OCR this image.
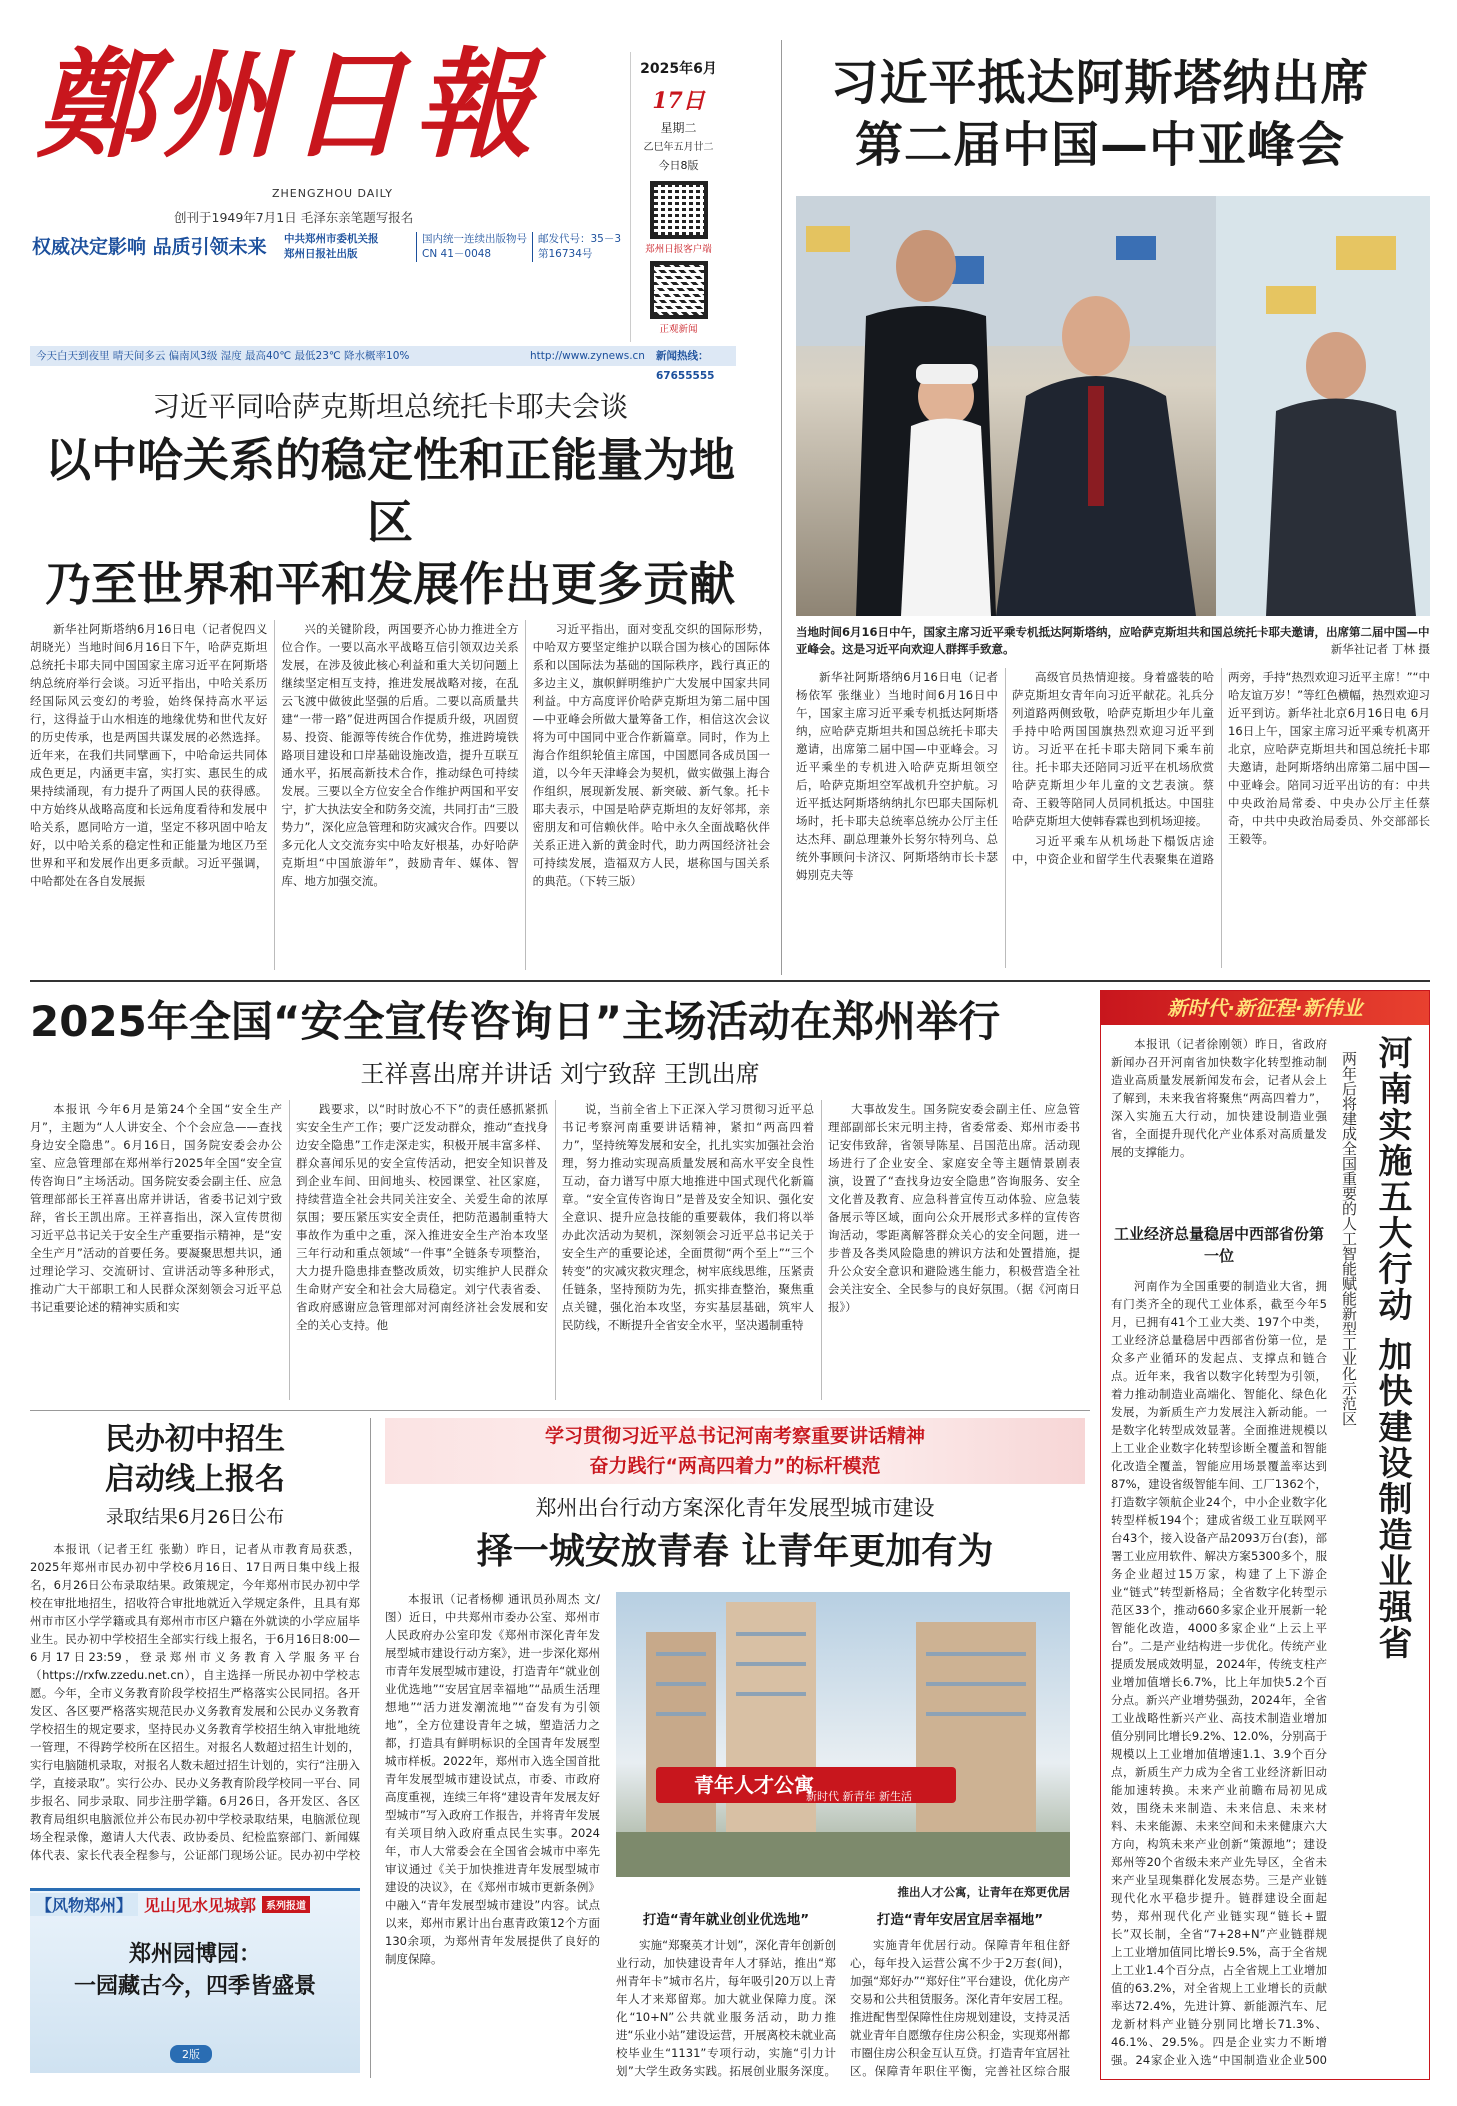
鄭州日報
ZHENGZHOU DAILY
创刊于1949年7月1日 毛泽东亲笔题写报名
权威决定影响 品质引领未来 中共郑州市委机关报
郑州日报社出版
国内统一连续出版物号
CN 41－0048
邮发代号：35－3
第16734号
2025年6月
17日
星期二
乙巳年五月廿二
今日8版
郑州日报客户端
正观新闻
今天白天到夜里 晴天间多云 偏南风3级 湿度 最高40℃ 最低23℃ 降水概率10%	http://www.zynews.cn 新闻热线：67655555
习近平抵达阿斯塔纳出席
第二届中国—中亚峰会
当地时间6月16日中午，国家主席习近平乘专机抵达阿斯塔纳，应哈萨克斯坦共和国总统托卡耶夫邀请，出席第二届中国—中亚峰会。这是习近平向欢迎人群挥手致意。	新华社记者 丁林 摄

新华社阿斯塔纳6月16日电（记者杨依军 张继业）当地时间6月16日中午，国家主席习近平乘专机抵达阿斯塔纳，应哈萨克斯坦共和国总统托卡耶夫邀请，出席第二届中国—中亚峰会。习近平乘坐的专机进入哈萨克斯坦领空后，哈萨克斯坦空军战机升空护航。习近平抵达阿斯塔纳纳扎尔巴耶夫国际机场时，托卡耶夫总统率总统办公厅主任达杰拜、副总理兼外长努尔特列乌、总统外事顾问卡济汉、阿斯塔纳市长卡瑟姆別克夫等

高级官员热情迎接。身着盛装的哈萨克斯坦女青年向习近平献花。礼兵分列道路两侧致敬，哈萨克斯坦少年儿童手持中哈两国国旗热烈欢迎习近平到访。习近平在托卡耶夫陪同下乘车前往。托卡耶夫还陪同习近平在机场欣赏哈萨克斯坦少年儿童的文艺表演。蔡奇、王毅等陪同人员同机抵达。中国驻哈萨克斯坦大使韩春霖也到机场迎接。

习近平乘车从机场赴下榻饭店途中，中资企业和留学生代表聚集在道路两旁，手持“热烈欢迎习近平主席！”“中哈友谊万岁！”等红色横幅，热烈欢迎习近平到访。新华社北京6月16日电 6月16日上午，国家主席习近平乘专机离开北京，应哈萨克斯坦共和国总统托卡耶夫邀请，赴阿斯塔纳出席第二届中国—中亚峰会。陪同习近平出访的有：中共中央政治局常委、中央办公厅主任蔡奇，中共中央政治局委员、外交部部长王毅等。

习近平同哈萨克斯坦总统托卡耶夫会谈
以中哈关系的稳定性和正能量为地区
乃至世界和平和发展作出更多贡献

新华社阿斯塔纳6月16日电（记者倪四义 胡晓光）当地时间6月16日下午，哈萨克斯坦总统托卡耶夫同中国国家主席习近平在阿斯塔纳总统府举行会谈。习近平指出，中哈关系历经国际风云变幻的考验，始终保持高水平运行，这得益于山水相连的地缘优势和世代友好的历史传承，也是两国共谋发展的必然选择。近年来，在我们共同擘画下，中哈命运共同体成色更足，内涵更丰富，实打实、惠民生的成果持续涌现，有力提升了两国人民的获得感。中方始终从战略高度和长远角度看待和发展中哈关系，愿同哈方一道，坚定不移巩固中哈友好，以中哈关系的稳定性和正能量为地区乃至世界和平和发展作出更多贡献。习近平强调，中哈都处在各自发展振

兴的关键阶段，两国要齐心协力推进全方位合作。一要以高水平战略互信引领双边关系发展，在涉及彼此核心利益和重大关切问题上继续坚定相互支持，推进发展战略对接，在乱云飞渡中做彼此坚强的后盾。二要以高质量共建“一带一路”促进两国合作提质升级，巩固贸易、投资、能源等传统合作优势，推进跨境铁路项目建设和口岸基础设施改造，提升互联互通水平，拓展高新技术合作，推动绿色可持续发展。三要以全方位安全合作维护两国和平安宁，扩大执法安全和防务交流，共同打击“三股势力”，深化应急管理和防灾减灾合作。四要以多元化人文交流夯实中哈友好根基，办好哈萨克斯坦“中国旅游年”，鼓励青年、媒体、智库、地方加强交流。

习近平指出，面对变乱交织的国际形势，中哈双方要坚定维护以联合国为核心的国际体系和以国际法为基础的国际秩序，践行真正的多边主义，旗帜鲜明维护广大发展中国家共同利益。中方高度评价哈萨克斯坦为第二届中国—中亚峰会所做大量筹备工作，相信这次会议将为可中国同中亚合作新篇章。同时，作为上海合作组织轮值主席国，中国愿同各成员国一道，以今年天津峰会为契机，做实做强上海合作组织，展现新发展、新突破、新气象。托卡耶夫表示，中国是哈萨克斯坦的友好邻邦，亲密朋友和可信赖伙伴。哈中永久全面战略伙伴关系正进入新的黄金时代，助力两国经济社会可持续发展，造福双方人民，堪称国与国关系的典范。（下转三版）

2025年全国“安全宣传咨询日”主场活动在郑州举行
王祥喜出席并讲话 刘宁致辞 王凯出席

本报讯 今年6月是第24个全国“安全生产月”，主题为“人人讲安全、个个会应急——查找身边安全隐患”。6月16日，国务院安委会办公室、应急管理部在郑州举行2025年全国“安全宣传咨询日”主场活动。国务院安委会副主任、应急管理部部长王祥喜出席并讲话，省委书记刘宁致辞，省长王凯出席。王祥喜指出，深入宣传贯彻习近平总书记关于安全生产重要指示精神，是“安全生产月”活动的首要任务。要凝聚思想共识，通过理论学习、交流研讨、宣讲活动等多种形式，推动广大干部职工和人民群众深刻领会习近平总书记重要论述的精神实质和实

践要求，以“时时放心不下”的责任感抓紧抓实安全生产工作；要广泛发动群众，推动“查找身边安全隐患”工作走深走实，积极开展丰富多样、群众喜闻乐见的安全宣传活动，把安全知识普及到企业车间、田间地头、校园课堂、社区家庭，持续营造全社会共同关注安全、关爱生命的浓厚氛围；要压紧压实安全责任，把防范遏制重特大事故作为重中之重，深入推进安全生产治本攻坚三年行动和重点领域“一件事”全链条专项整治，大力提升隐患排查整改质效，切实维护人民群众生命财产安全和社会大局稳定。刘宁代表省委、省政府感谢应急管理部对河南经济社会发展和安全的关心支持。他

说，当前全省上下正深入学习贯彻习近平总书记考察河南重要讲话精神，紧扣“两高四着力”，坚持统筹发展和安全，扎扎实实加强社会治理，努力推动实现高质量发展和高水平安全良性互动，奋力谱写中原大地推进中国式现代化新篇章。“安全宣传咨询日”是普及安全知识、强化安全意识、提升应急技能的重要载体，我们将以举办此次活动为契机，深刻领会习近平总书记关于安全生产的重要论述，全面贯彻“两个至上”“三个转变”的灾减灾救灾理念，树牢底线思维，压紧责任链条，坚持预防为先，抓实排查整治，聚焦重点关键，强化治本攻坚，夯实基层基础，筑牢人民防线，不断提升全省安全水平，坚决遏制重特

大事故发生。国务院安委会副主任、应急管理部副部长宋元明主持，省委常委、郑州市委书记安伟致辞，省领导陈星、吕国范出席。活动现场进行了企业安全、家庭安全等主题情景剧表演，设置了“查找身边安全隐患”咨询服务、安全文化普及教育、应急科普宣传互动体验、应急装备展示等区域，面向公众开展形式多样的宣传咨询活动，零距离解答群众关心的安全问题，进一步普及各类风险隐患的辨识方法和处置措施，提升公众安全意识和避险逃生能力，积极营造全社会关注安全、全民参与的良好氛围。（据《河南日报》）

民办初中招生
启动线上报名
录取结果6月26日公布

本报讯（记者王红 张勤）昨日，记者从市教育局获悉，2025年郑州市民办初中学校6月16日、17日两日集中线上报名，6月26日公布录取结果。政策规定，今年郑州市民办初中学校在审批地招生，招收符合审批地就近入学规定条件，且具有郑州市市区小学学籍或具有郑州市市区户籍在外就读的小学应届毕业生。民办初中学校招生全部实行线上报名，于6月16日8:00—6月17日23:59，登录郑州市义务教育入学服务平台（https://rxfw.zzedu.net.cn），自主选择一所民办初中学校志愿。今年，全市义务教育阶段学校招生严格落实公民同招。各开发区、各区要严格落实规范民办义务教育发展和公民办义务教育学校招生的规定要求，坚持民办义务教育学校招生纳入审批地统一管理，不得跨学校所在区招生。对报名人数超过招生计划的，实行电脑随机录取，对报名人数未超过招生计划的，实行“注册入学，直接录取”。实行公办、民办义务教育阶段学校同一平台、同步报名、同步录取、同步注册学籍。6月26日，各开发区、各区教育局组织电脑派位并公布民办初中学校录取结果，电脑派位现场全程录像，邀请人大代表、政协委员、纪检监察部门、新闻媒体代表、家长代表全程参与，公证部门现场公证。民办初中学校

【风物郑州】 见山见水见城郭	系列报道
郑州园博园：
一园藏古今，四季皆盛景
2版
学习贯彻习近平总书记河南考察重要讲话精神
奋力践行“两高四着力”的标杆模范
郑州出台行动方案深化青年发展型城市建设
择一城安放青春 让青年更加有为

本报讯（记者杨柳 通讯员孙周杰 文/图）近日，中共郑州市委办公室、郑州市人民政府办公室印发《郑州市深化青年发展型城市建设行动方案》，进一步深化郑州市青年发展型城市建设，打造青年“就业创业优选地”“安居宜居幸福地”“品质生活理想地”“活力迸发潮流地”“奋发有为引领地”，全方位建设青年之城，塑造活力之都，打造具有鲜明标识的全国青年发展型城市样板。2022年，郑州市入选全国首批青年发展型城市建设试点，市委、市政府高度重视，连续三年将“建设青年发展友好型城市”写入政府工作报告，并将青年发展有关项目纳入政府重点民生实事。2024年，市人大常委会在全国省会城市中率先审议通过《关于加快推进青年发展型城市建设的决议》，在《郑州市城市更新条例》中融入“青年发展型城市建设”内容。试点以来，郑州市累计出台惠青政策12个方面130余项，为郑州青年发展提供了良好的制度保障。

青年人才公寓
新时代 新青年 新生活
推出人才公寓，让青年在郑更优居
打造“青年就业创业优选地”

实施“郑聚英才计划”，深化青年创新创业行动，加快建设青年人才驿站，推出“郑州青年卡”城市名片，每年吸引20万以上青年人才来郑留郑。加大就业保障力度。深化“10+N”公共就业服务活动，助力推进“乐业小站”建设运营，开展离校未就业高校毕业生“1131”专项行动，实施“引力计划”大学生政务实践。拓展创业服务深度。

打造“青年安居宜居幸福地”

实施青年优居行动。保障青年租住舒心，每年投入运营公寓不少于2万套(间)，加强“郑好办”“郑好住”平台建设，优化房产交易和公共租赁服务。深化青年安居工程。推进配售型保障性住房规划建设，支持灵活就业青年自愿缴存住房公积金，实现郑州都市圈住房公积金互认互贷。打造青年宜居社区。保障青年职住平衡，完善社区综合服

新时代·新征程·新伟业

本报讯（记者徐刚领）昨日，省政府新闻办召开河南省加快数字化转型推动制造业高质量发展新闻发布会，记者从会上了解到，未来我省将聚焦“两高四着力”，深入实施五大行动，加快建设制造业强省，全面提升现代化产业体系对高质量发展的支撑能力。	河南实施五大行动 加快建设制造业强省
两年后将建成全国重要的人工智能赋能新型工业化示范区
工业经济总量稳居中西部省份第一位

河南作为全国重要的制造业大省，拥有门类齐全的现代工业体系，截至今年5月，已拥有41个工业大类、197个中类，工业经济总量稳居中西部省份第一位，是众多产业循环的发起点、支撑点和链合点。近年来，我省以数字化转型为引领，着力推动制造业高端化、智能化、绿色化发展，为新质生产力发展注入新动能。一是数字化转型成效显著。全面推进规模以上工业企业数字化转型诊断全覆盖和智能化改造全覆盖，智能应用场景覆盖率达到87%，建设省级智能车间、工厂1362个，打造数字领航企业24个，中小企业数字化转型样板194个；建成省级工业互联网平台43个，接入设备产品2093万台(套)，部署工业应用软件、解决方案5300多个，服务企业超过15万家，构建了上下游企业“链式”转型新格局；全省数字化转型示范区33个，推动660多家企业开展新一轮智能化改造，4000多家企业“上云上平台”。二是产业结构进一步优化。传统产业提质发展成效明显，2024年，传统支柱产业增加值增长6.7%，比上年加快5.2个百分点。新兴产业增势强劲，2024年，全省工业战略性新兴产业、高技术制造业增加值分别同比增长9.2%、12.0%，分别高于规模以上工业增加值增速1.1、3.9个百分点，新质生产力成为全省工业经济新旧动能加速转换。未来产业前瞻布局初见成效，围绕未来制造、未来信息、未来材料、未来能源、未来空间和未来健康六大方向，构筑未来产业创新“策源地”；建设郑州等20个省级未来产业先导区，全省未来产业呈现集群化发展态势。三是产业链现代化水平稳步提升。链群建设全面起势，郑州现代化产业链实现“链长+盟长”双长制，全省“7+28+N”产业链群规上工业增加值同比增长9.5%，高于全省规上工业1.4个百分点，占全省规上工业增加值的63.2%，对全省规上工业增长的贡献率达72.4%，先进计算、新能源汽车、尼龙新材料产业链分别同比增长71.3%、46.1%、29.5%。四是企业实力不断增强。24家企业入选“中国制造业企业500
